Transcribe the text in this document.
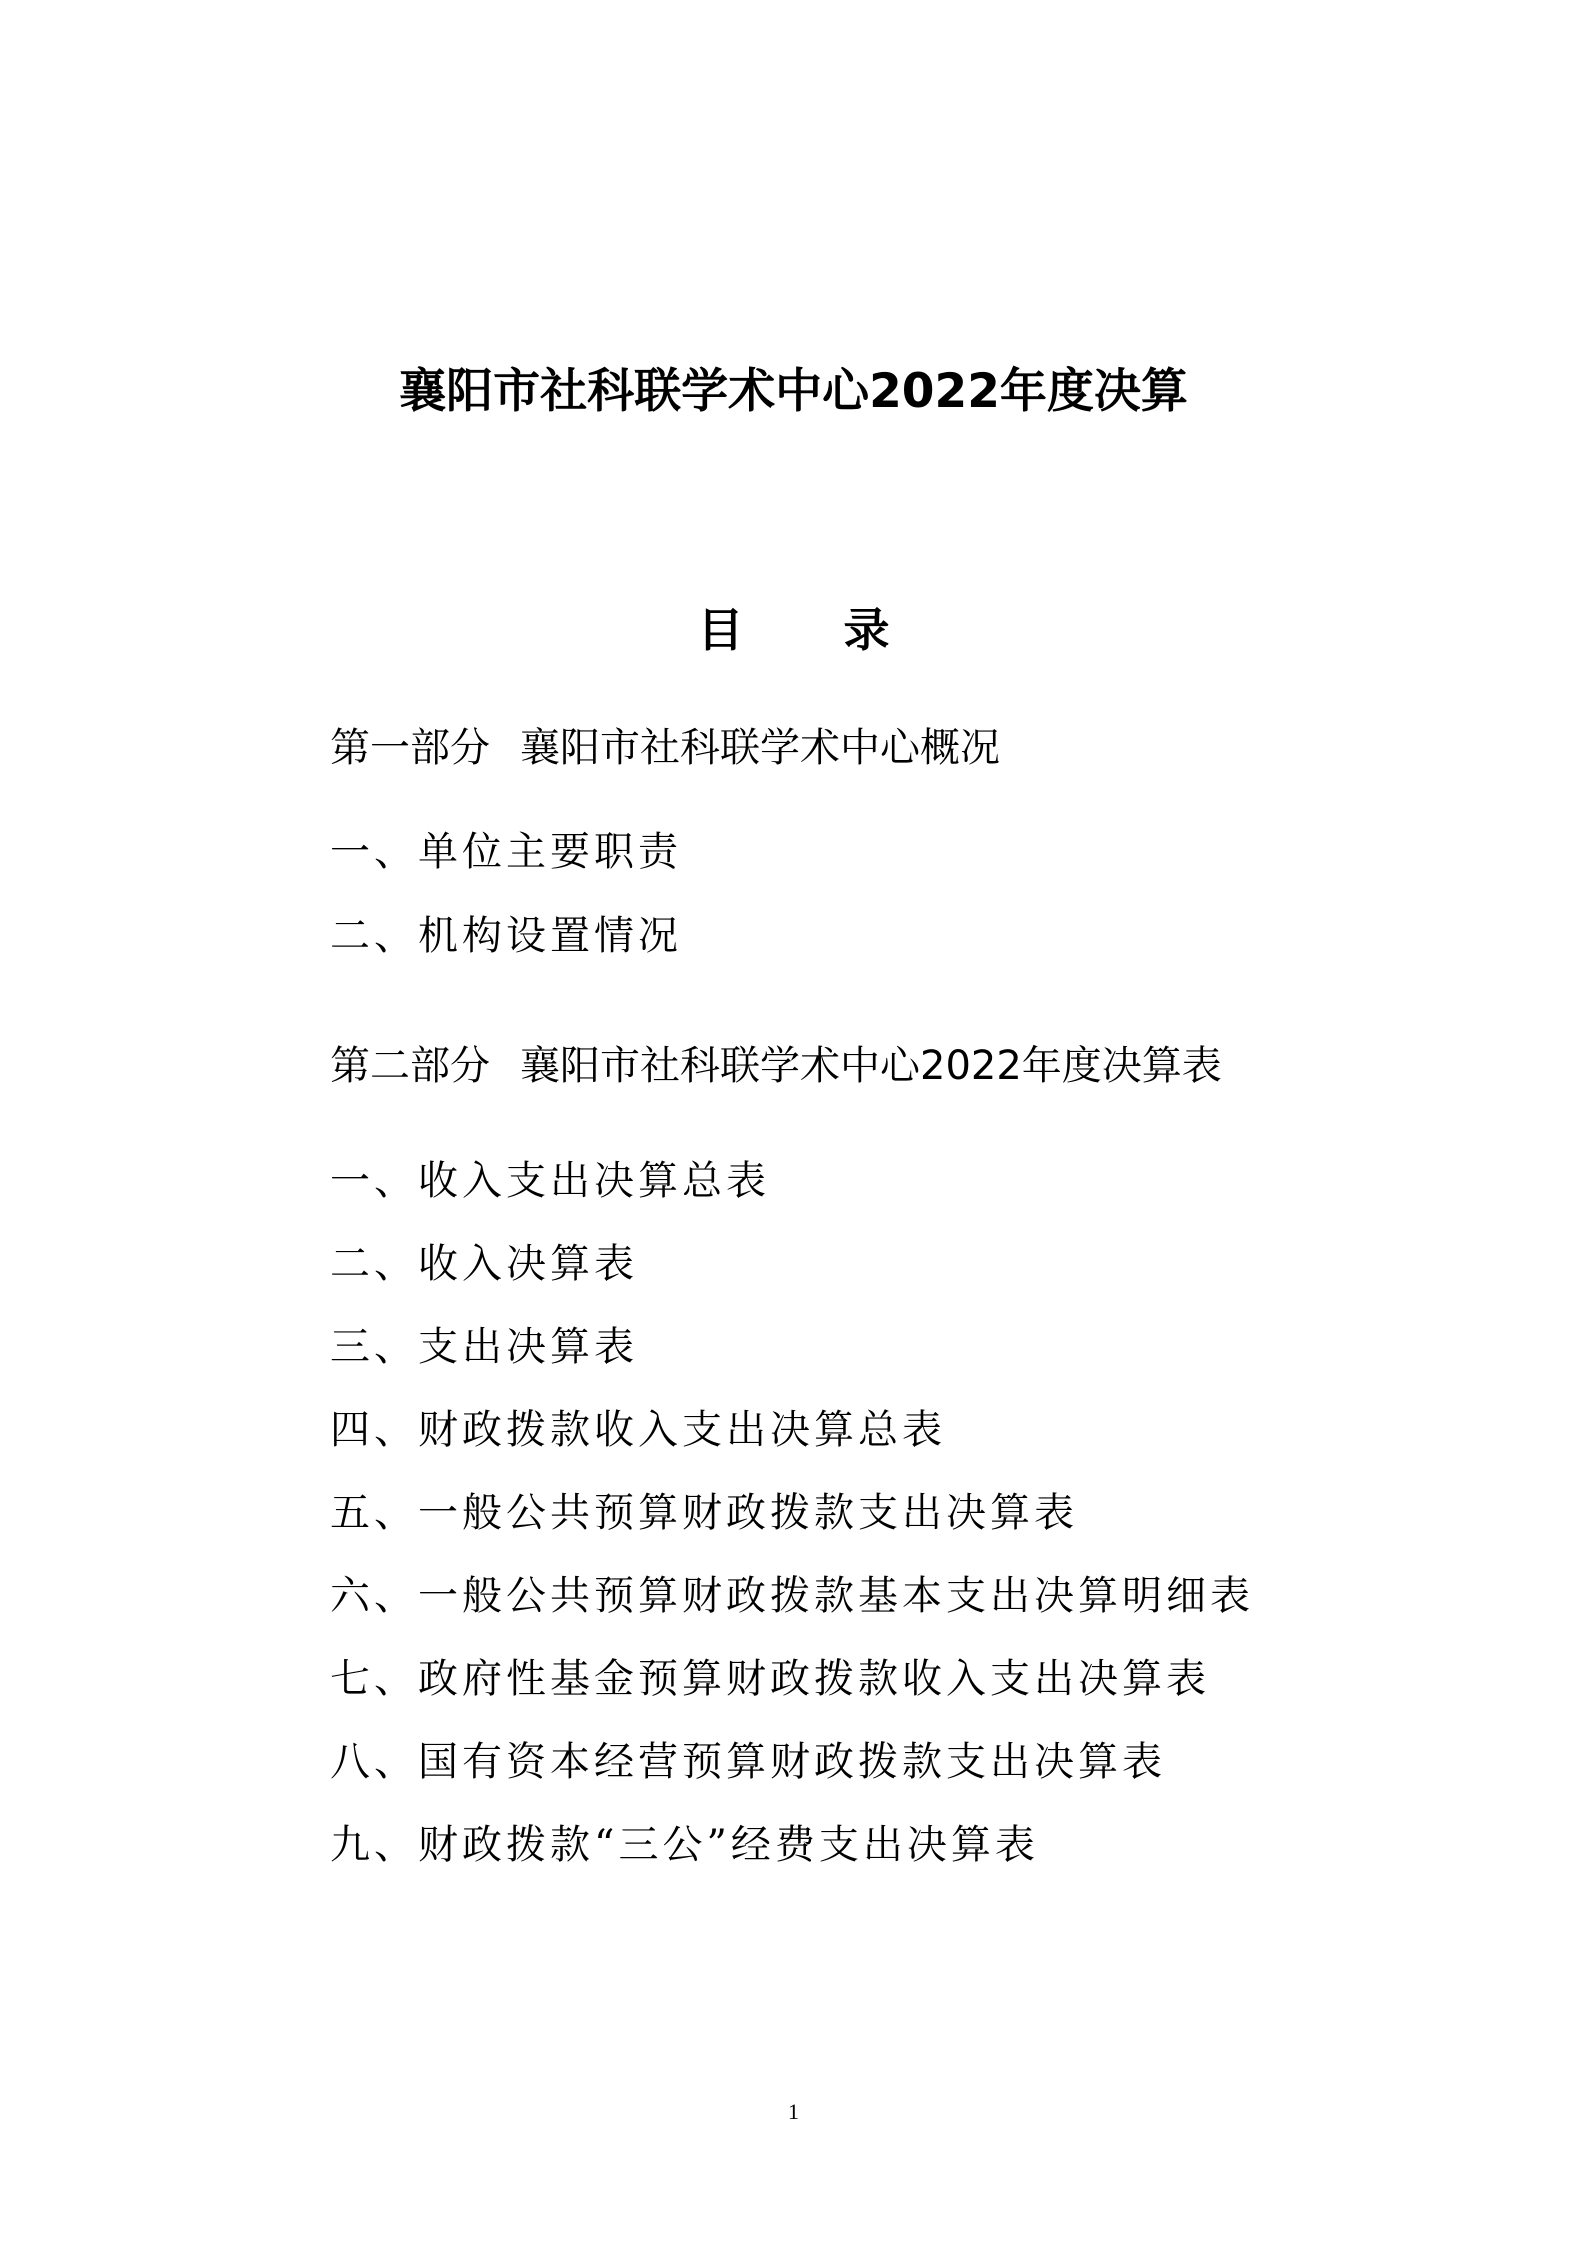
襄阳市社科联学术中心2022年度决算
目录
第一部分 襄阳市社科联学术中心概况
一、单位主要职责
二、机构设置情况
第二部分 襄阳市社科联学术中心2022年度决算表
一、收入支出决算总表
二、收入决算表
三、支出决算表
四、财政拨款收入支出决算总表
五、一般公共预算财政拨款支出决算表
六、一般公共预算财政拨款基本支出决算明细表
七、政府性基金预算财政拨款收入支出决算表
八、国有资本经营预算财政拨款支出决算表
九、财政拨款“三公”经费支出决算表
1
